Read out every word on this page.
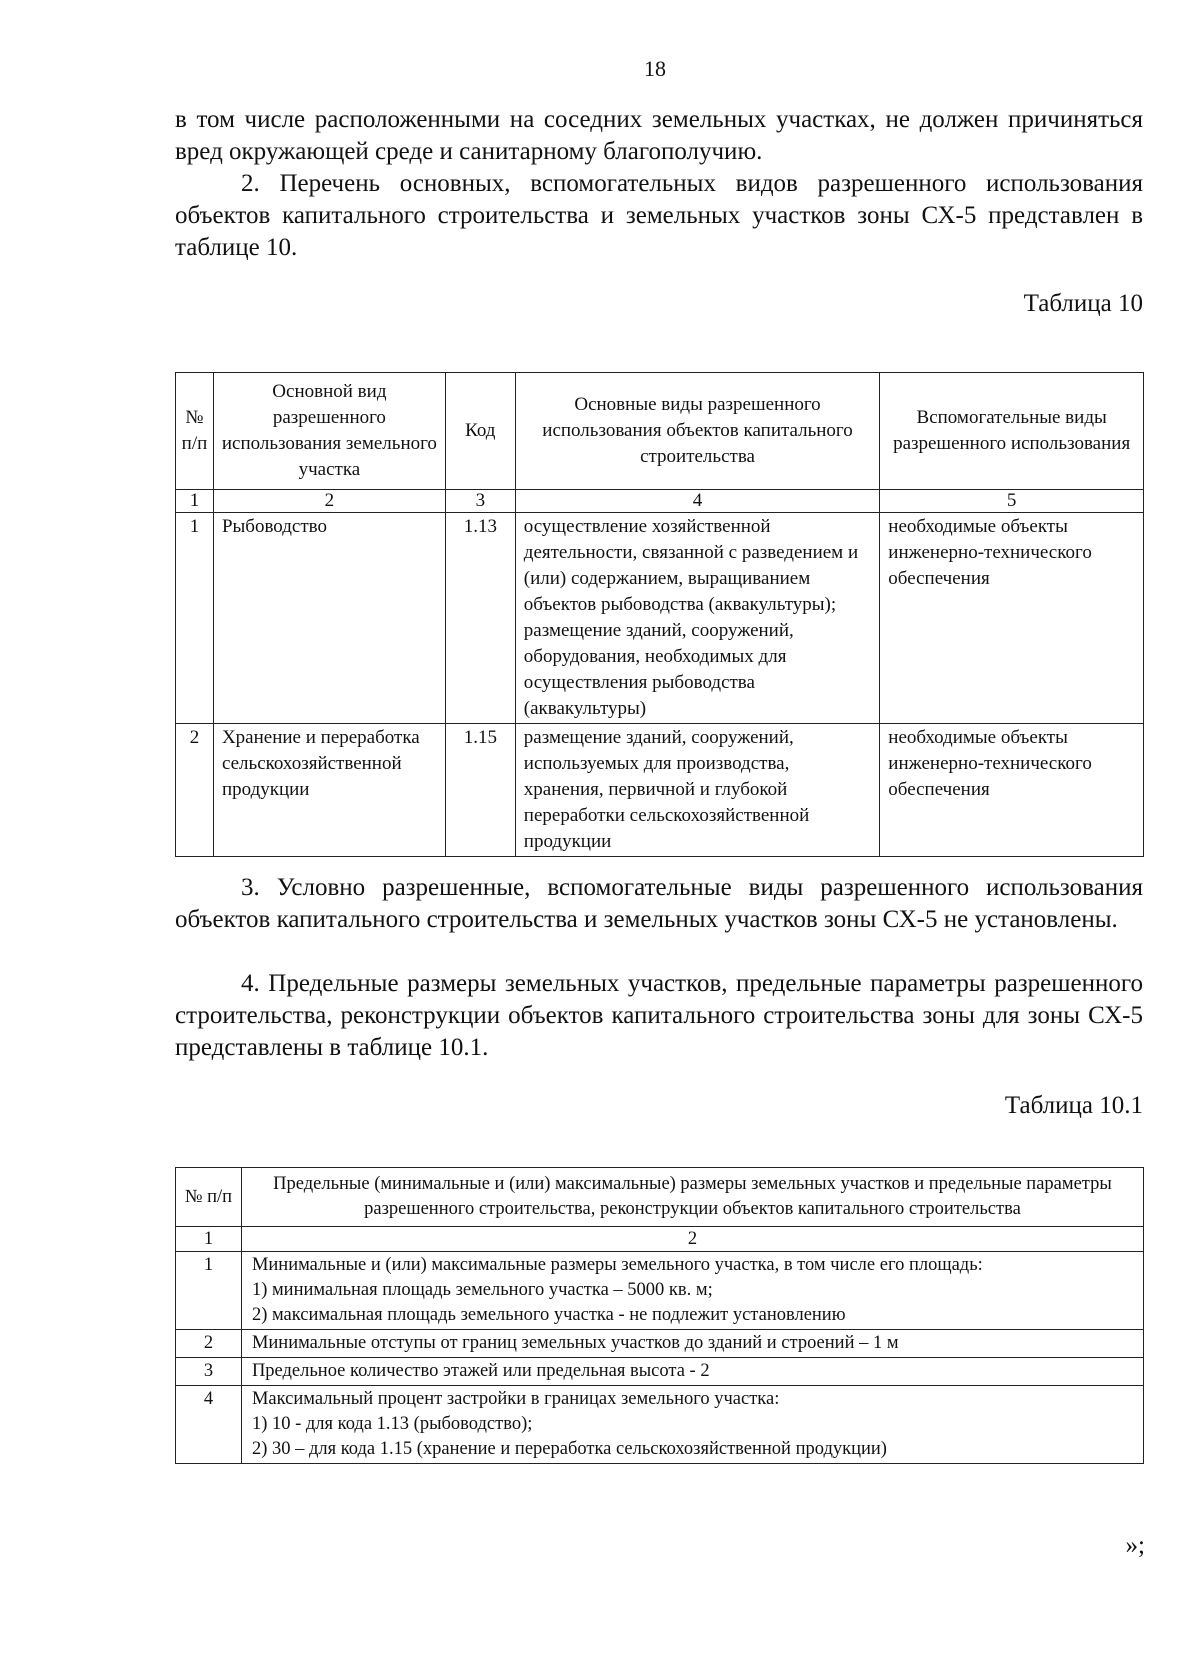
18

в том числе расположенными на соседних земельных участках, не должен причиняться вред окружающей среде и санитарному благополучию.

2. Перечень основных, вспомогательных видов разрешенного использования объектов капитального строительства и земельных участков зоны СХ-5 представлен в таблице 10.

Таблица 10
№ п/п	Основной вид разрешенного использования земельного участка	Код	Основные виды разрешенного использования объектов капитального строительства	Вспомогательные виды разрешенного использования
1	2	3	4	5
1	Рыбоводство	1.13	осуществление хозяйственной деятельности, связанной с разведением и (или) содержанием, выращиванием объектов рыбоводства (аквакультуры); размещение зданий, сооружений, оборудования, необходимых для осуществления рыбоводства (аквакультуры)	необходимые объекты инженерно-технического обеспечения
2	Хранение и переработка сельскохозяйственной продукции	1.15	размещение зданий, сооружений, используемых для производства, хранения, первичной и глубокой переработки сельскохозяйственной продукции	необходимые объекты инженерно-технического обеспечения

3. Условно разрешенные, вспомогательные виды разрешенного использования объектов капитального строительства и земельных участков зоны СХ-5 не установлены.

4. Предельные размеры земельных участков, предельные параметры разрешенного строительства, реконструкции объектов капитального строительства зоны для зоны СХ-5 представлены в таблице 10.1.

Таблица 10.1
№ п/п	Предельные (минимальные и (или) максимальные) размеры земельных участков и предельные параметры разрешенного строительства, реконструкции объектов капитального строительства
1	2
1	Минимальные и (или) максимальные размеры земельного участка, в том числе его площадь:
1) минимальная площадь земельного участка – 5000 кв. м;
2) максимальная площадь земельного участка - не подлежит установлению

2	Минимальные отступы от границ земельных участков до зданий и строений – 1 м

3	Предельное количество этажей или предельная высота - 2

4	Максимальный процент застройки в границах земельного участка:
1) 10 - для кода 1.13 (рыбоводство);
2) 30 – для кода 1.15 (хранение и переработка сельскохозяйственной продукции)
»;
